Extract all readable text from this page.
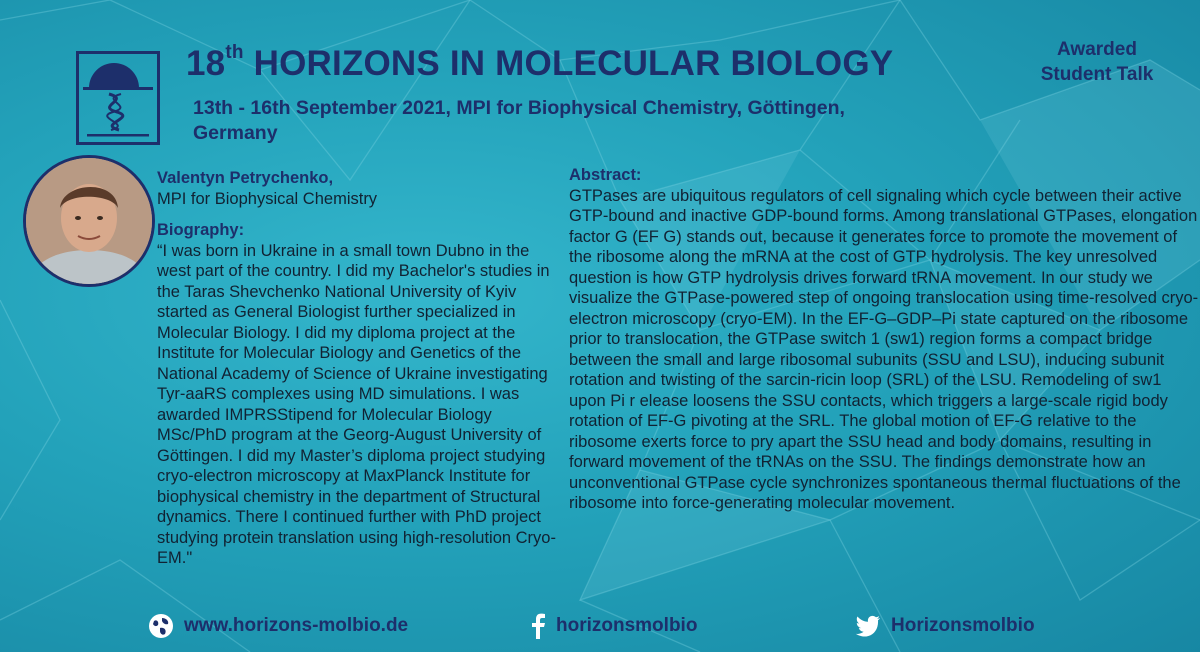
18th HORIZONS IN MOLECULAR BIOLOGY

13th - 16th September 2021, MPI for Biophysical Chemistry, Göttingen, Germany

Awarded Student Talk
Valentyn Petrychenko,
MPI for Biophysical Chemistry
Biography:
“I was born in Ukraine in a small town Dubno in the west part of the country. I did my Bachelor's studies in the Taras Shevchenko National University of Kyiv started as General Biologist further specialized in Molecular Biology. I did my diploma project at the Institute for Molecular Biology and Genetics of the National Academy of Science of Ukraine investigating Tyr-aaRS complexes using MD simulations. I was awarded IMPRSStipend for Molecular Biology MSc/PhD program at the Georg-August University of Göttingen. I did my Master’s diploma project studying cryo-electron microscopy at MaxPlanck Institute for biophysical chemistry in the department of Structural dynamics. There I continued further with PhD project studying protein translation using high-resolution Cryo-EM."
Abstract:

GTPases are ubiquitous regulators of cell signaling which cycle between their active GTP-bound and inactive GDP-bound forms. Among translational GTPases, elongation factor G (EF G) stands out, because it generates force to promote the movement of the ribosome along the mRNA at the cost of GTP hydrolysis. The key unresolved question is how GTP hydrolysis drives forward tRNA movement. In our study we visualize the GTPase-powered step of ongoing translocation using time-resolved cryo-electron microscopy (cryo-EM). In the EF-G–GDP–Pi state captured on the ribosome prior to translocation, the GTPase switch 1 (sw1) region forms a compact bridge between the small and large ribosomal subunits (SSU and LSU), inducing subunit rotation and twisting of the sarcin-ricin loop (SRL) of the LSU. Remodeling of sw1 upon Pi r elease loosens the SSU contacts, which triggers a large-scale rigid body rotation of EF-G pivoting at the SRL. The global motion of EF-G relative to the ribosome exerts force to pry apart the SSU head and body domains, resulting in forward movement of the tRNAs on the SSU. The findings demonstrate how an unconventional GTPase cycle synchronizes spontaneous thermal fluctuations of the ribosome into force-generating molecular movement.

www.horizons-molbio.de	horizonsmolbio	Horizonsmolbio
